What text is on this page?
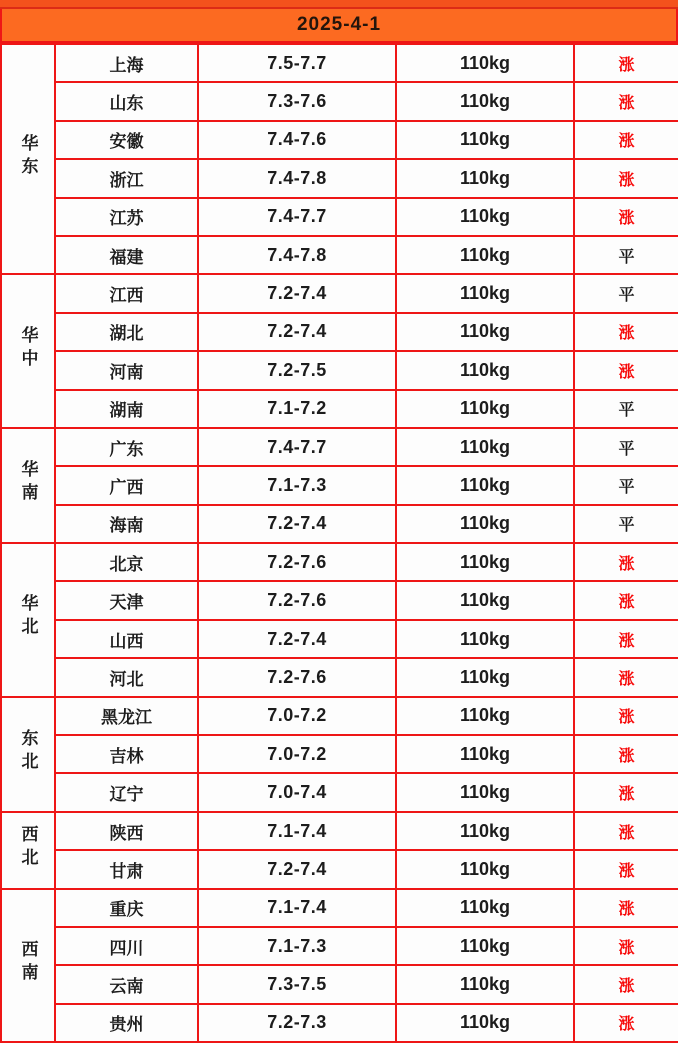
2025-4-1
华东	上海	7.5-7.7	110kg	涨
	山东	7.3-7.6	110kg	涨
	安徽	7.4-7.6	110kg	涨
	浙江	7.4-7.8	110kg	涨
	江苏	7.4-7.7	110kg	涨
	福建	7.4-7.8	110kg	平
华中	江西	7.2-7.4	110kg	平
	湖北	7.2-7.4	110kg	涨
	河南	7.2-7.5	110kg	涨
	湖南	7.1-7.2	110kg	平
华南	广东	7.4-7.7	110kg	平
	广西	7.1-7.3	110kg	平
	海南	7.2-7.4	110kg	平
华北	北京	7.2-7.6	110kg	涨
	天津	7.2-7.6	110kg	涨
	山西	7.2-7.4	110kg	涨
	河北	7.2-7.6	110kg	涨
东北	黑龙江	7.0-7.2	110kg	涨
	吉林	7.0-7.2	110kg	涨
	辽宁	7.0-7.4	110kg	涨
西北	陕西	7.1-7.4	110kg	涨
	甘肃	7.2-7.4	110kg	涨
西南	重庆	7.1-7.4	110kg	涨
	四川	7.1-7.3	110kg	涨
	云南	7.3-7.5	110kg	涨
	贵州	7.2-7.3	110kg	涨
